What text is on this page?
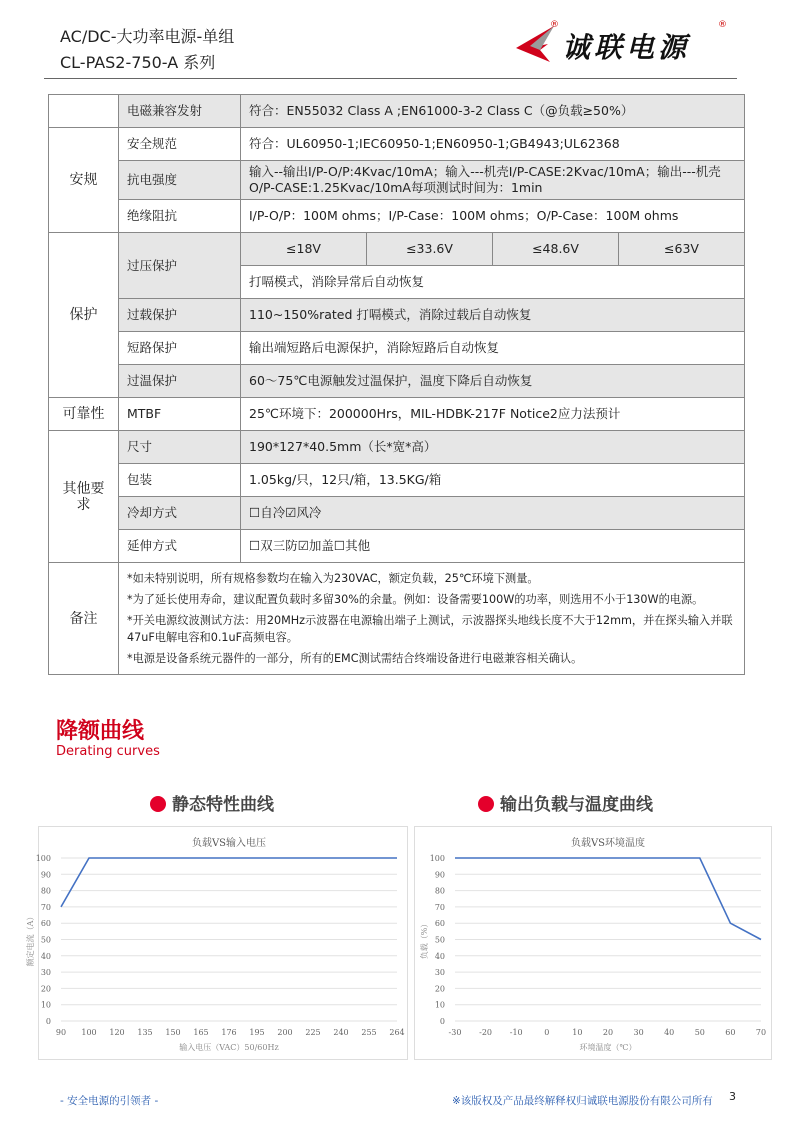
AC/DC-大功率电源-单组
CL-PAS2-750-A 系列
®
诚联电源
®
	电磁兼容发射	符合：EN55032 Class A ;EN61000-3-2 Class C（@负载≥50%）			
安规	安全规范	符合：UL60950-1;IEC60950-1;EN60950-1;GB4943;UL62368			
	抗电强度	输入--输出I/P-O/P:4Kvac/10mA；输入---机壳I/P-CASE:2Kvac/10mA；输出---机壳O/P-CASE:1.25Kvac/10mA每项测试时间为：1min			
	绝缘阻抗	I/P-O/P：100M ohms；I/P-Case：100M ohms；O/P-Case：100M ohms			
保护	过压保护	≤18V	≤33.6V	≤48.6V	≤63V
		打嗝模式，消除异常后自动恢复			
	过载保护	110~150%rated 打嗝模式，消除过载后自动恢复			
	短路保护	输出端短路后电源保护，消除短路后自动恢复			
	过温保护	60～75℃电源触发过温保护，温度下降后自动恢复			
可靠性	MTBF	25℃环境下：200000Hrs，MIL-HDBK-217F Notice2应力法预计			
其他要求	尺寸	190*127*40.5mm（长*宽*高）			
	包装	1.05kg/只，12只/箱，13.5KG/箱			
	冷却方式	☐自冷☑风冷			
	延伸方式	☐双三防☑加盖☐其他			
备注	*如未特别说明，所有规格参数均在输入为230VAC，额定负载，25℃环境下测量。

*为了延长使用寿命，建议配置负载时多留30%的余量。例如：设备需要100W的功率，则选用不小于130W的电源。

*开关电源纹波测试方法：用20MHz示波器在电源输出端子上测试，示波器探头地线长度不大于12mm，并在探头输入并联47uF电解电容和0.1uF高频电容。

*电源是设备系统元器件的一部分，所有的EMC测试需结合终端设备进行电磁兼容相关确认。				

降额曲线
Derating curves
静态特性曲线	输出负载与温度曲线
负载VS输入电压
0
10
20
30
40
50
60
70
80
90
100
90 100 120 135 150 165 176 195 200 225 240 255 264
输入电压（VAC）50/60Hz
额定电流（A）
负载VS环境温度
0
10
20
30
40
50
60
70
80
90
100
-30 -20 -10	0	10	20	30	40	50	60	70
环境温度（℃）
负载（%）
- 安全电源的引领者 -	※该版权及产品最终解释权归诚联电源股份有限公司所有 3
